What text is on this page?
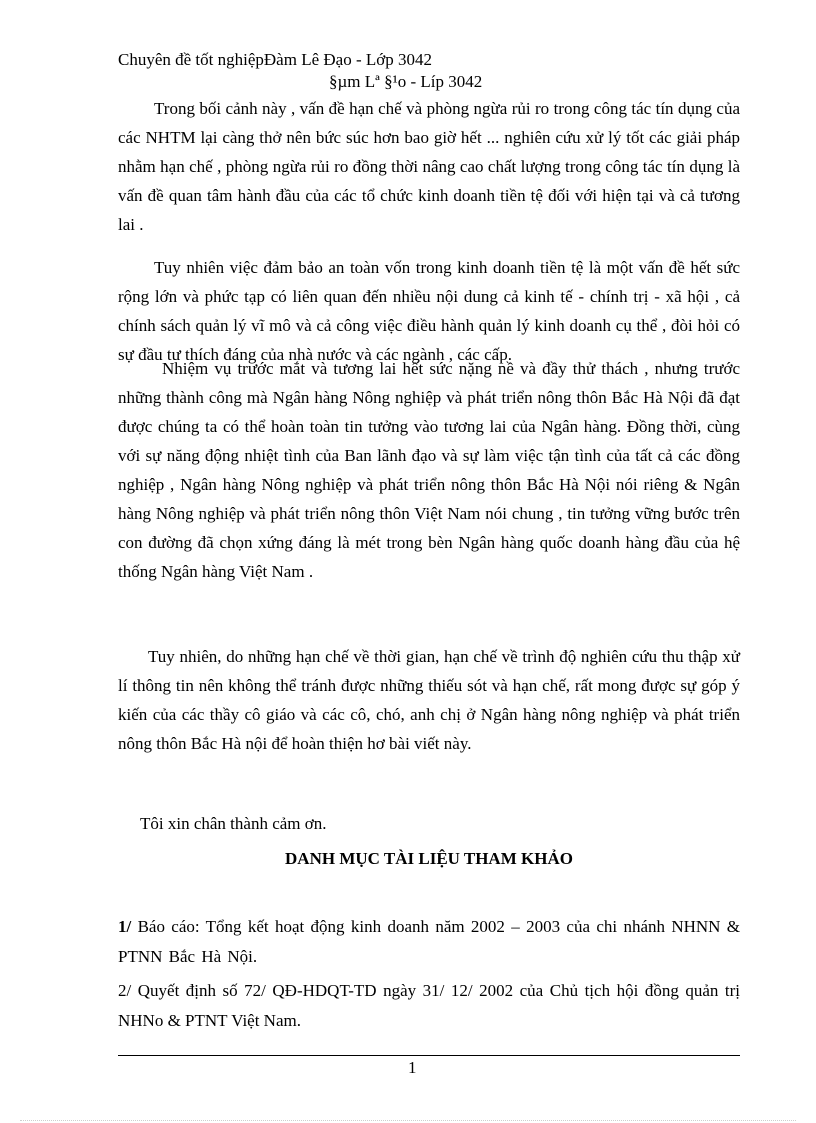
Chuyên đề tốt nghiệpĐàm Lê Đạo - Lớp 3042
§µm Lª §¹o - Líp 3042
Trong bối cảnh này , vấn đề hạn chế và phòng ngừa rủi ro trong công tác tín dụng của các NHTM lại càng thở nên bức súc hơn bao giờ hết ... nghiên cứu xử lý tốt các giải pháp nhằm hạn chế , phòng ngừa rủi ro đồng thời nâng cao chất lượng trong công tác tín dụng là vấn đề quan tâm hành đầu của các tổ chức kinh doanh tiền tệ đối với hiện tại và cả tương lai .
Tuy nhiên việc đảm bảo an toàn vốn trong kinh doanh tiền tệ là một vấn đề hết sức rộng lớn và phức tạp có liên quan đến nhiều nội dung cả kinh tế - chính trị - xã hội , cả chính sách quản lý vĩ mô và cả công việc điều hành quản lý kinh doanh cụ thể , đòi hỏi có sự đầu tư thích đáng của nhà nước và các ngành , các cấp.
Nhiệm vụ trước mắt và tương lai hết sức nặng nề và đầy thử thách , nhưng trước những thành công mà Ngân hàng Nông nghiệp và phát triển nông thôn Bắc Hà Nội đã đạt được chúng ta có thể hoàn toàn tin tưởng vào tương lai của Ngân hàng. Đồng thời, cùng với sự năng động nhiệt tình của Ban lãnh đạo và sự làm việc tận tình của tất cả các đồng nghiệp , Ngân hàng Nông nghiệp và phát triển nông thôn Bắc Hà Nội nói riêng & Ngân hàng Nông nghiệp và phát triển nông thôn Việt Nam nói chung , tin tưởng vững bước trên con đường đã chọn xứng đáng là mét trong bèn Ngân hàng quốc doanh hàng đầu của hệ thống Ngân hàng Việt Nam .
Tuy nhiên, do những hạn chế về thời gian, hạn chế về trình độ nghiên cứu thu thập xử lí thông tin nên không thể tránh được những thiếu sót và hạn chế, rất mong được sự góp ý kiến của các thầy cô giáo và các cô, chó, anh chị ở Ngân hàng nông nghiệp và phát triển nông thôn Bắc Hà nội để hoàn thiện hơ bài viết này.
Tôi xin chân thành cảm ơn.
DANH MỤC TÀI LIỆU THAM KHẢO
1/ Báo cáo: Tổng kết hoạt động kinh doanh năm 2002 – 2003 của chi nhánh NHNN & PTNN Bắc Hà Nội.
2/ Quyết định số 72/ QĐ-HDQT-TD ngày 31/ 12/ 2002 của Chủ tịch hội đồng quản trị NHNo & PTNT Việt Nam.
1
